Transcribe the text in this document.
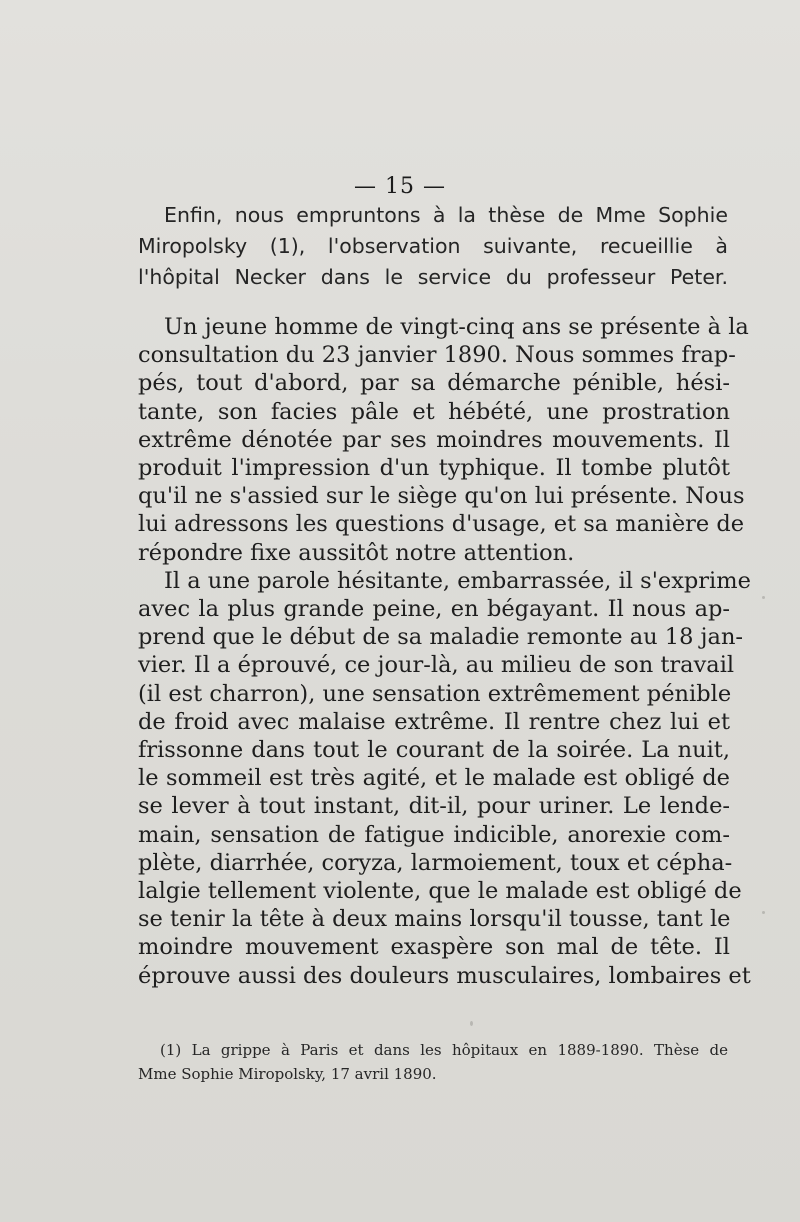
— 15 —
Enfin, nous empruntons à la thèse de Mme Sophie
Miropolsky (1), l'observation suivante, recueillie à
l'hôpital Necker dans le service du professeur Peter.
Un jeune homme de vingt-cinq ans se présente à la
consultation du 23 janvier 1890. Nous sommes frap-
pés, tout d'abord, par sa démarche pénible, hési-
tante, son facies pâle et hébété, une prostration
extrême dénotée par ses moindres mouvements. Il
produit l'impression d'un typhique. Il tombe plutôt
qu'il ne s'assied sur le siège qu'on lui présente. Nous
lui adressons les questions d'usage, et sa manière de
répondre fixe aussitôt notre attention.
Il a une parole hésitante, embarrassée, il s'exprime
avec la plus grande peine, en bégayant. Il nous ap-
prend que le début de sa maladie remonte au 18 jan-
vier. Il a éprouvé, ce jour-là, au milieu de son travail
(il est charron), une sensation extrêmement pénible
de froid avec malaise extrême. Il rentre chez lui et
frissonne dans tout le courant de la soirée. La nuit,
le sommeil est très agité, et le malade est obligé de
se lever à tout instant, dit-il, pour uriner. Le lende-
main, sensation de fatigue indicible, anorexie com-
plète, diarrhée, coryza, larmoiement, toux et cépha-
lalgie tellement violente, que le malade est obligé de
se tenir la tête à deux mains lorsqu'il tousse, tant le
moindre mouvement exaspère son mal de tête. Il
éprouve aussi des douleurs musculaires, lombaires et
(1) La grippe à Paris et dans les hôpitaux en 1889-1890. Thèse de
Mme Sophie Miropolsky, 17 avril 1890.
